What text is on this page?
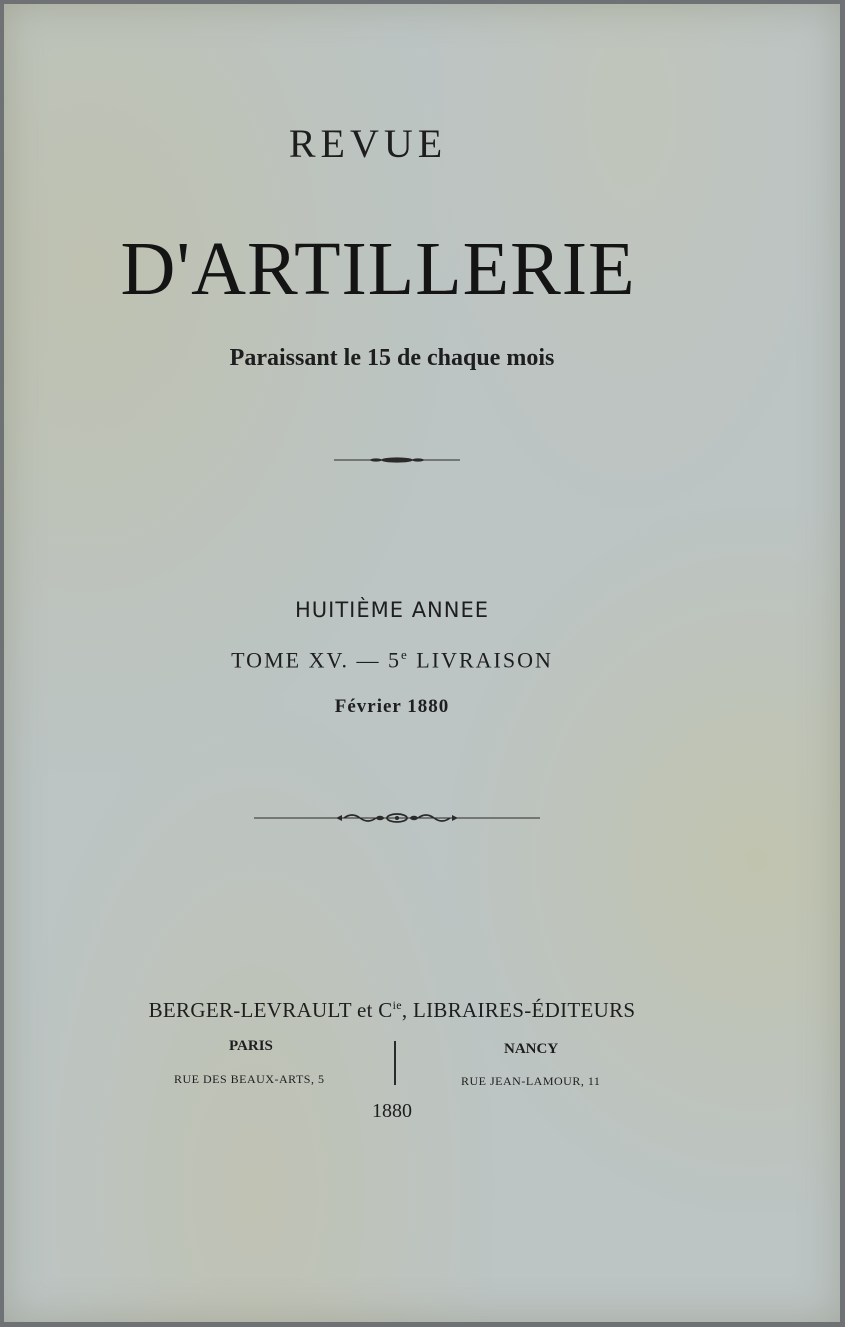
REVUE
D'ARTILLERIE
Paraissant le 15 de chaque mois
HUITIÈME ANNEE
TOME XV. — 5e LIVRAISON
Février 1880
BERGER-LEVRAULT et $C^{ie}$, LIBRAIRES-ÉDITEURS
PARIS
RUE DES BEAUX-ARTS, 5
NANCY
RUE JEAN-LAMOUR, 11
1880
